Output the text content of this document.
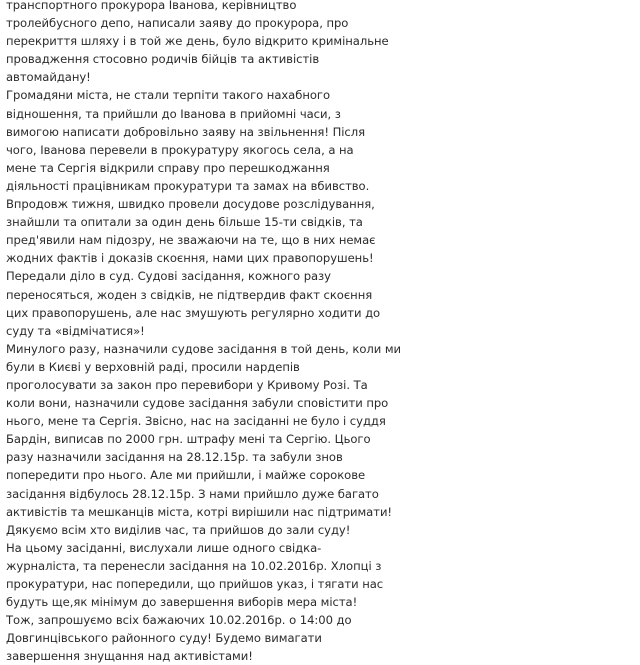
транспортного прокурора Іванова, керівництво
тролейбусного депо, написали заяву до прокурора, про
перекриття шляху і в той же день, було відкрито кримінальне
провадження стосовно родичів бійців та активістів
автомайдану!
Громадяни міста, не стали терпіти такого нахабного
відношення, та прийшли до Іванова в прийомні часи, з
вимогою написати добровільно заяву на звільнення! Після
чого, Іванова перевели в прокуратуру якогось села, а на
мене та Сергія відкрили справу про перешкоджання
діяльності працівникам прокуратури та замах на вбивство.
Впродовж тижня, швидко провели досудове розслідування,
знайшли та опитали за один день більше 15-ти свідків, та
пред'явили нам підозру, не зважаючи на те, що в них немає
жодних фактів і доказів скоєння, нами цих правопорушень!
Передали діло в суд. Судові засідання, кожного разу
переносяться, жоден з свідків, не підтвердив факт скоєння
цих правопорушень, але нас змушують регулярно ходити до
суду та «відмічатися»!
Минулого разу, назначили судове засідання в той день, коли ми
були в Києві у верховній раді, просили нардепів
проголосувати за закон про перевибори у Кривому Розі. Та
коли вони, назначили судове засідання забули сповістити про
нього, мене та Сергія. Звісно, нас на засіданні не було і суддя
Бардін, виписав по 2000 грн. штрафу мені та Сергію. Цього
разу назначили засідання на 28.12.15р. та забули знов
попередити про нього. Але ми прийшли, і майже сорокове
засідання відбулось 28.12.15р. З нами прийшло дуже багато
активістів та мешканців міста, котрі вирішили нас підтримати!
Дякуємо всім хто виділив час, та прийшов до зали суду!
На цьому засіданні, вислухали лише одного свідка-
журналіста, та перенесли засідання на 10.02.2016р. Хлопці з
прокуратури, нас попередили, що прийшов указ, і тягати нас
будуть ще,як мінімум до завершення виборів мера міста!
Тож, запрошуємо всіх бажаючих 10.02.2016р. о 14:00 до
Довгинцівського районного суду! Будемо вимагати
завершення знущання над активістами!
